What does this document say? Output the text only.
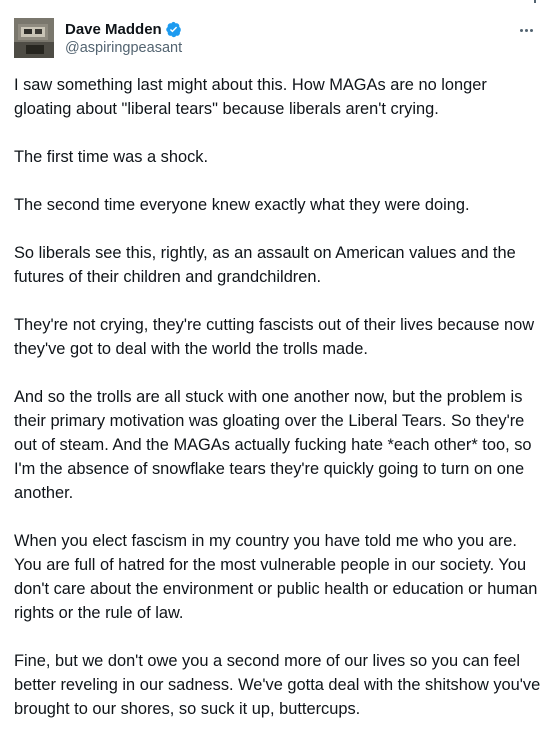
Dave Madden
@aspiringpeasant

I saw something last might about this. How MAGAs are no longer gloating about "liberal tears" because liberals aren't crying.

The first time was a shock.

The second time everyone knew exactly what they were doing.

So liberals see this, rightly, as an assault on American values and the futures of their children and grandchildren.

They're not crying, they're cutting fascists out of their lives because now they've got to deal with the world the trolls made.

And so the trolls are all stuck with one another now, but the problem is their primary motivation was gloating over the Liberal Tears. So they're out of steam. And the MAGAs actually fucking hate *each other* too, so I'm the absence of snowflake tears they're quickly going to turn on one another.

When you elect fascism in my country you have told me who you are. You are full of hatred for the most vulnerable people in our society. You don't care about the environment or public health or education or human rights or the rule of law.

Fine, but we don't owe you a second more of our lives so you can feel better reveling in our sadness. We've gotta deal with the shitshow you've brought to our shores, so suck it up, buttercups.
